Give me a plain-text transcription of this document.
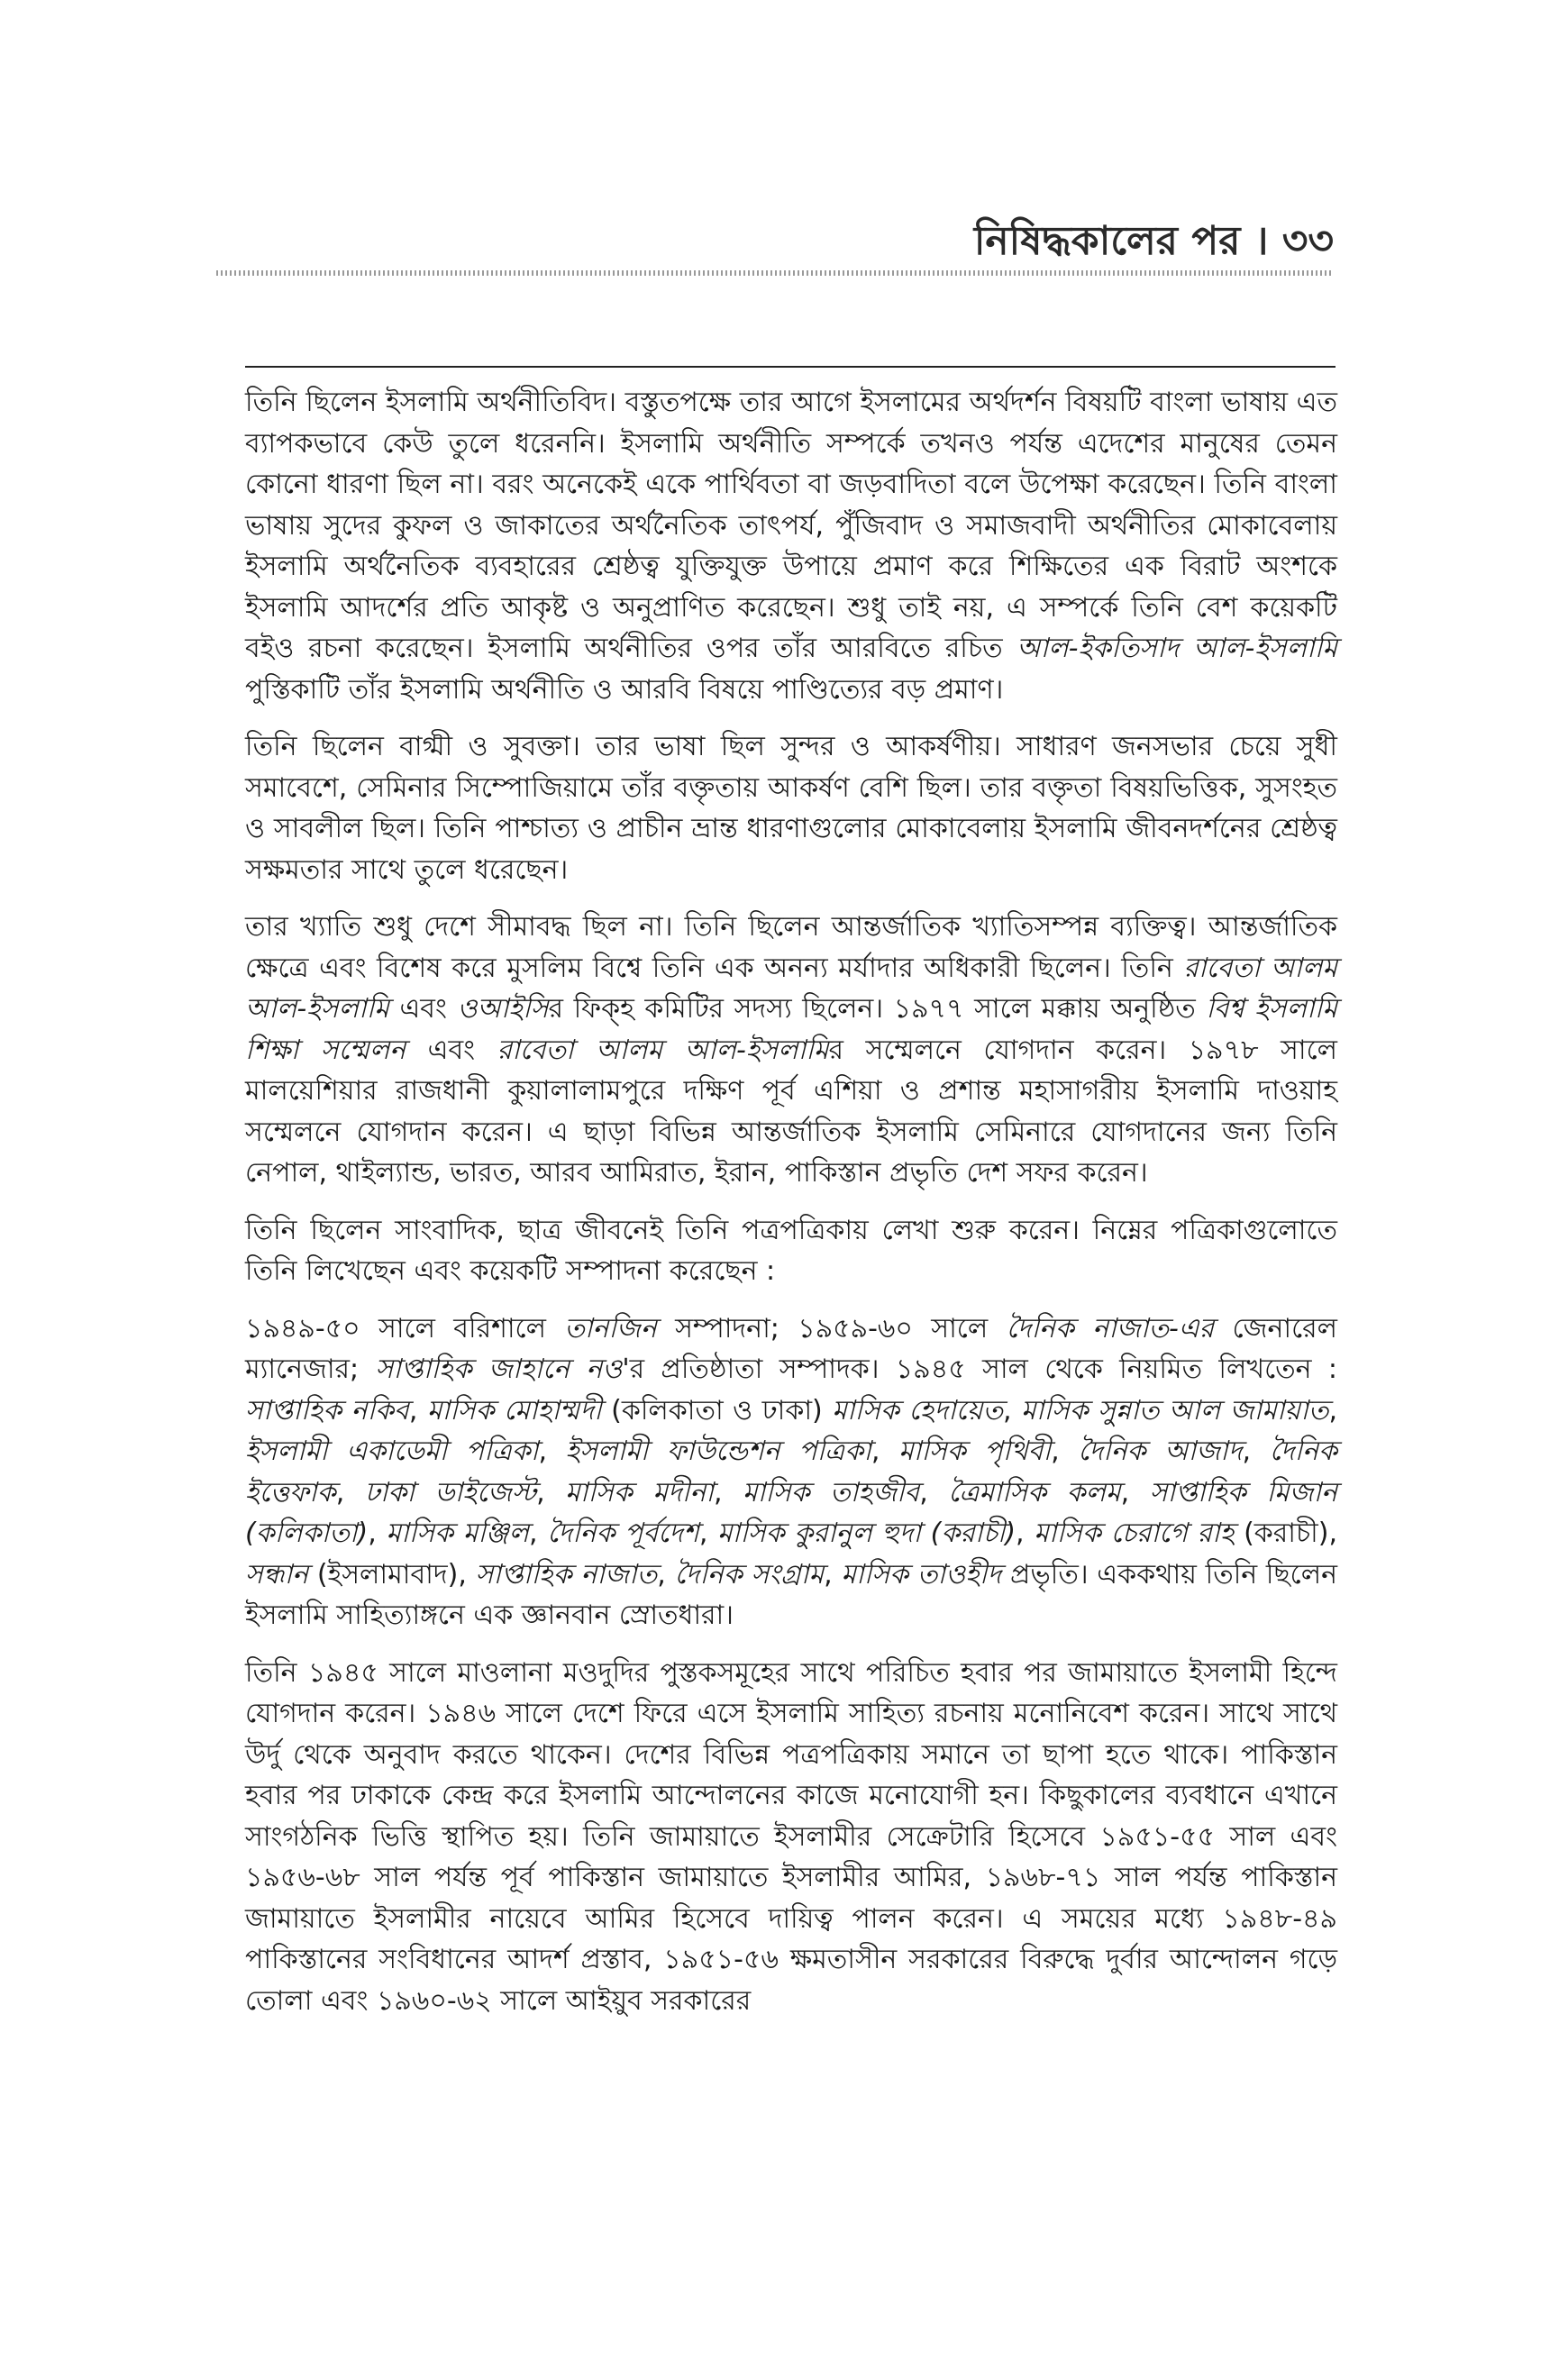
নিষিদ্ধকালের পর । ৩৩

তিনি ছিলেন ইসলামি অর্থনীতিবিদ। বস্তুতপক্ষে তার আগে ইসলামের অর্থদর্শন বিষয়টি বাংলা ভাষায় এত ব্যাপকভাবে কেউ তুলে ধরেননি। ইসলামি অর্থনীতি সম্পর্কে তখনও পর্যন্ত এদেশের মানুষের তেমন কোনো ধারণা ছিল না। বরং অনেকেই একে পার্থিবতা বা জড়বাদিতা বলে উপেক্ষা করেছেন। তিনি বাংলা ভাষায় সুদের কুফল ও জাকাতের অর্থনৈতিক তাৎপর্য, পুঁজিবাদ ও সমাজবাদী অর্থনীতির মোকাবেলায় ইসলামি অর্থনৈতিক ব্যবহারের শ্রেষ্ঠত্ব যুক্তিযুক্ত উপায়ে প্রমাণ করে শিক্ষিতের এক বিরাট অংশকে ইসলামি আদর্শের প্রতি আকৃষ্ট ও অনুপ্রাণিত করেছেন। শুধু তাই নয়, এ সম্পর্কে তিনি বেশ কয়েকটি বইও রচনা করেছেন। ইসলামি অর্থনীতির ওপর তাঁর আরবিতে রচিত আল-ইকতিসাদ আল-ইসলামি পুস্তিকাটি তাঁর ইসলামি অর্থনীতি ও আরবি বিষয়ে পাণ্ডিত্যের বড় প্রমাণ।

তিনি ছিলেন বাগ্মী ও সুবক্তা। তার ভাষা ছিল সুন্দর ও আকর্ষণীয়। সাধারণ জনসভার চেয়ে সুধী সমাবেশে, সেমিনার সিম্পোজিয়ামে তাঁর বক্তৃতায় আকর্ষণ বেশি ছিল। তার বক্তৃতা বিষয়ভিত্তিক, সুসংহত ও সাবলীল ছিল। তিনি পাশ্চাত্য ও প্রাচীন ভ্রান্ত ধারণাগুলোর মোকাবেলায় ইসলামি জীবনদর্শনের শ্রেষ্ঠত্ব সক্ষমতার সাথে তুলে ধরেছেন।

তার খ্যাতি শুধু দেশে সীমাবদ্ধ ছিল না। তিনি ছিলেন আন্তর্জাতিক খ্যাতিসম্পন্ন ব্যক্তিত্ব। আন্তর্জাতিক ক্ষেত্রে এবং বিশেষ করে মুসলিম বিশ্বে তিনি এক অনন্য মর্যাদার অধিকারী ছিলেন। তিনি রাবেতা আলম আল-ইসলামি এবং ওআইসির ফিক্হ কমিটির সদস্য ছিলেন। ১৯৭৭ সালে মক্কায় অনুষ্ঠিত বিশ্ব ইসলামি শিক্ষা সম্মেলন এবং রাবেতা আলম আল-ইসলামির সম্মেলনে যোগদান করেন। ১৯৭৮ সালে মালয়েশিয়ার রাজধানী কুয়ালালামপুরে দক্ষিণ পূর্ব এশিয়া ও প্রশান্ত মহাসাগরীয় ইসলামি দাওয়াহ সম্মেলনে যোগদান করেন। এ ছাড়া বিভিন্ন আন্তর্জাতিক ইসলামি সেমিনারে যোগদানের জন্য তিনি নেপাল, থাইল্যান্ড, ভারত, আরব আমিরাত, ইরান, পাকিস্তান প্রভৃতি দেশ সফর করেন।

তিনি ছিলেন সাংবাদিক, ছাত্র জীবনেই তিনি পত্রপত্রিকায় লেখা শুরু করেন। নিম্নের পত্রিকাগুলোতে তিনি লিখেছেন এবং কয়েকটি সম্পাদনা করেছেন :

১৯৪৯-৫০ সালে বরিশালে তানজিন সম্পাদনা; ১৯৫৯-৬০ সালে দৈনিক নাজাত-এর জেনারেল ম্যানেজার; সাপ্তাহিক জাহানে নও'র প্রতিষ্ঠাতা সম্পাদক। ১৯৪৫ সাল থেকে নিয়মিত লিখতেন : সাপ্তাহিক নকিব, মাসিক মোহাম্মদী (কলিকাতা ও ঢাকা) মাসিক হেদায়েত, মাসিক সুন্নাত আল জামায়াত, ইসলামী একাডেমী পত্রিকা, ইসলামী ফাউন্ডেশন পত্রিকা, মাসিক পৃথিবী, দৈনিক আজাদ, দৈনিক ইত্তেফাক, ঢাকা ডাইজেস্ট, মাসিক মদীনা, মাসিক তাহজীব, ত্রৈমাসিক কলম, সাপ্তাহিক মিজান (কলিকাতা), মাসিক মঞ্জিল, দৈনিক পূর্বদেশ, মাসিক কুরানুল হুদা (করাচী), মাসিক চেরাগে রাহ (করাচী), সন্ধান (ইসলামাবাদ), সাপ্তাহিক নাজাত, দৈনিক সংগ্রাম, মাসিক তাওহীদ প্রভৃতি। এককথায় তিনি ছিলেন ইসলামি সাহিত্যাঙ্গনে এক জ্ঞানবান স্রোতধারা।

তিনি ১৯৪৫ সালে মাওলানা মওদুদির পুস্তকসমূহের সাথে পরিচিত হবার পর জামায়াতে ইসলামী হিন্দে যোগদান করেন। ১৯৪৬ সালে দেশে ফিরে এসে ইসলামি সাহিত্য রচনায় মনোনিবেশ করেন। সাথে সাথে উর্দু থেকে অনুবাদ করতে থাকেন। দেশের বিভিন্ন পত্রপত্রিকায় সমানে তা ছাপা হতে থাকে। পাকিস্তান হবার পর ঢাকাকে কেন্দ্র করে ইসলামি আন্দোলনের কাজে মনোযোগী হন। কিছুকালের ব্যবধানে এখানে সাংগঠনিক ভিত্তি স্থাপিত হয়। তিনি জামায়াতে ইসলামীর সেক্রেটারি হিসেবে ১৯৫১-৫৫ সাল এবং ১৯৫৬-৬৮ সাল পর্যন্ত পূর্ব পাকিস্তান জামায়াতে ইসলামীর আমির, ১৯৬৮-৭১ সাল পর্যন্ত পাকিস্তান জামায়াতে ইসলামীর নায়েবে আমির হিসেবে দায়িত্ব পালন করেন। এ সময়ের মধ্যে ১৯৪৮-৪৯ পাকিস্তানের সংবিধানের আদর্শ প্রস্তাব, ১৯৫১-৫৬ ক্ষমতাসীন সরকারের বিরুদ্ধে দুর্বার আন্দোলন গড়ে তোলা এবং ১৯৬০-৬২ সালে আইয়ুব সরকারের
